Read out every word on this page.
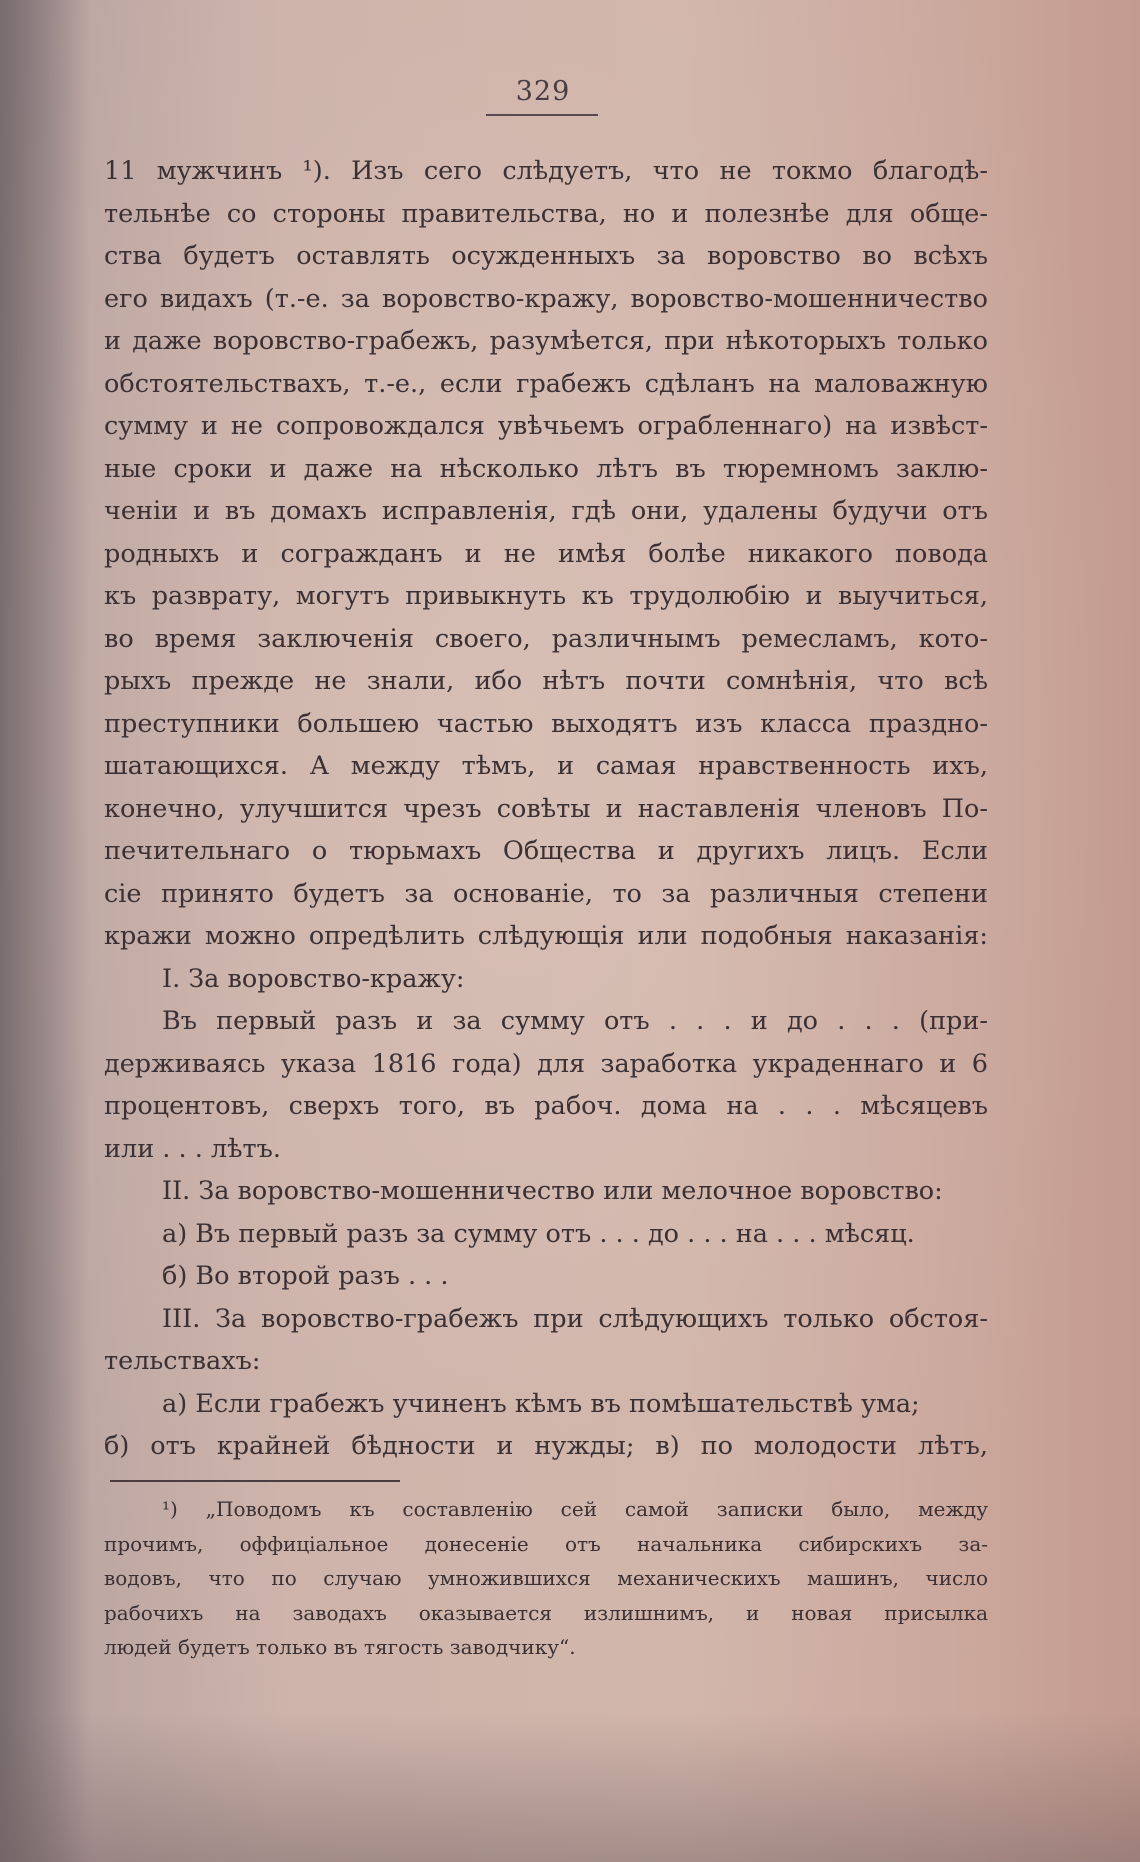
329

11 мужчинъ ¹). Изъ сего слѣдуетъ, что не токмо благодѣ-

тельнѣе со стороны правительства, но и полезнѣе для обще-

ства будетъ оставлять осужденныхъ за воровство во всѣхъ

его видахъ (т.-е. за воровство-кражу, воровство-мошенничество

и даже воровство-грабежъ, разумѣется, при нѣкоторыхъ только

обстоятельствахъ, т.-е., если грабежъ сдѣланъ на маловажную

сумму и не сопровождался увѣчьемъ ограбленнаго) на извѣст-

ные сроки и даже на нѣсколько лѣтъ въ тюремномъ заклю-

ченіи и въ домахъ исправленія, гдѣ они, удалены будучи отъ

родныхъ и согражданъ и не имѣя болѣе никакого повода

къ разврату, могутъ привыкнуть къ трудолюбію и выучиться,

во время заключенія своего, различнымъ ремесламъ, кото-

рыхъ прежде не знали, ибо нѣтъ почти сомнѣнія, что всѣ

преступники большею частью выходятъ изъ класса праздно-

шатающихся. А между тѣмъ, и самая нравственность ихъ,

конечно, улучшится чрезъ совѣты и наставленія членовъ По-

печительнаго о тюрьмахъ Общества и другихъ лицъ. Если

сіе принято будетъ за основаніе, то за различныя степени

кражи можно опредѣлить слѣдующія или подобныя наказанія:

I. За воровство-кражу:

Въ первый разъ и за сумму отъ . . . и до . . . (при-

держиваясь указа 1816 года) для заработка украденнаго и 6

процентовъ, сверхъ того, въ рабоч. дома на . . . мѣсяцевъ

или . . . лѣтъ.

II. За воровство-мошенничество или мелочное воровство:

а) Въ первый разъ за сумму отъ . . . до . . . на . . . мѣсяц.

б) Во второй разъ . . .

III. За воровство-грабежъ при слѣдующихъ только обстоя-

тельствахъ:

а) Если грабежъ учиненъ кѣмъ въ помѣшательствѣ ума;

б) отъ крайней бѣдности и нужды; в) по молодости лѣтъ,

¹) „Поводомъ къ составленію сей самой записки было, между

прочимъ, оффиціальное донесеніе отъ начальника сибирскихъ за-

водовъ, что по случаю умножившихся механическихъ машинъ, число

рабочихъ на заводахъ оказывается излишнимъ, и новая присылка

людей будетъ только въ тягость заводчику“.
